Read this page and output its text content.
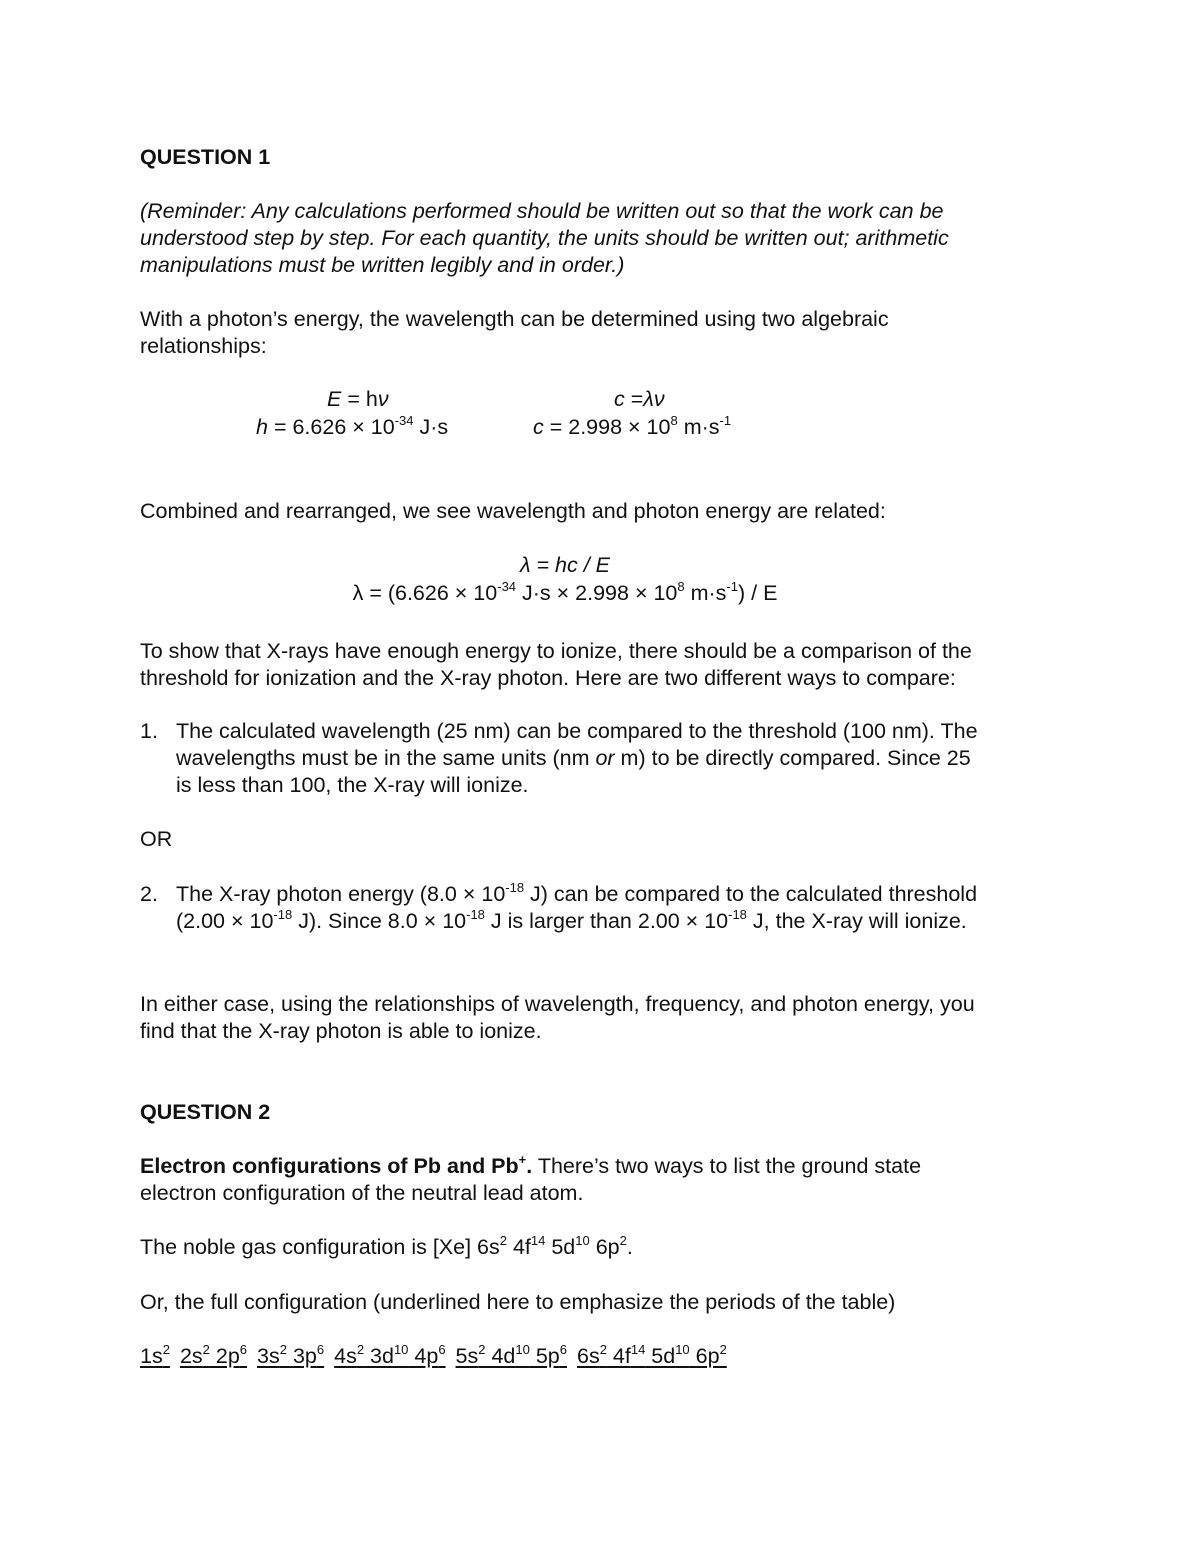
QUESTION 1
(Reminder: Any calculations performed should be written out so that the work can be
understood step by step. For each quantity, the units should be written out; arithmetic
manipulations must be written legibly and in order.)
With a photon’s energy, the wavelength can be determined using two algebraic
relationships:
E = hν	c =λν
$h = 6.626 \times 10^{-34}$ J·s	$c = 2.998 \times 10^8$ $m\cdot s^{-1}$
Combined and rearranged, we see wavelength and photon energy are related:
λ = hc / E
$\lambda = (6.626 \times 10^{-34}$ $J\cdot s \times 2.998 \times 10^8$ $m\cdot s^{-1}) / E$
To show that X-rays have enough energy to ionize, there should be a comparison of the
threshold for ionization and the X-ray photon. Here are two different ways to compare:
1. The calculated wavelength (25 nm) can be compared to the threshold (100 nm). The
wavelengths must be in the same units (nm or m) to be directly compared. Since 25
is less than 100, the X-ray will ionize.
OR
2. The X-ray photon energy ($8.0 \times 10^{-18}$ J) can be compared to the calculated threshold
($2.00 \times 10^{-18}$ J). Since $8.0 \times 10^{-18}$ J is larger than $2.00 \times 10^{-18}$ J, the X-ray will ionize.
In either case, using the relationships of wavelength, frequency, and photon energy, you
find that the X-ray photon is able to ionize.
QUESTION 2
Electron configurations of Pb and Pb+. There’s two ways to list the ground state
electron configuration of the neutral lead atom.
The noble gas configuration is [Xe] $6s^2$ $4f^{14}$ $5d^{10}$ $6p^2$.
Or, the full configuration (underlined here to emphasize the periods of the table)
$1s^2$ $2s^2$ $2p^6$ $3s^2$ $3p^6$ $4s^2$ $3d^{10}$ $4p^6$ $5s^2$ $4d^{10}$ $5p^6$ $6s^2$ $4f^{14}$ $5d^{10}$ $6p^2$
